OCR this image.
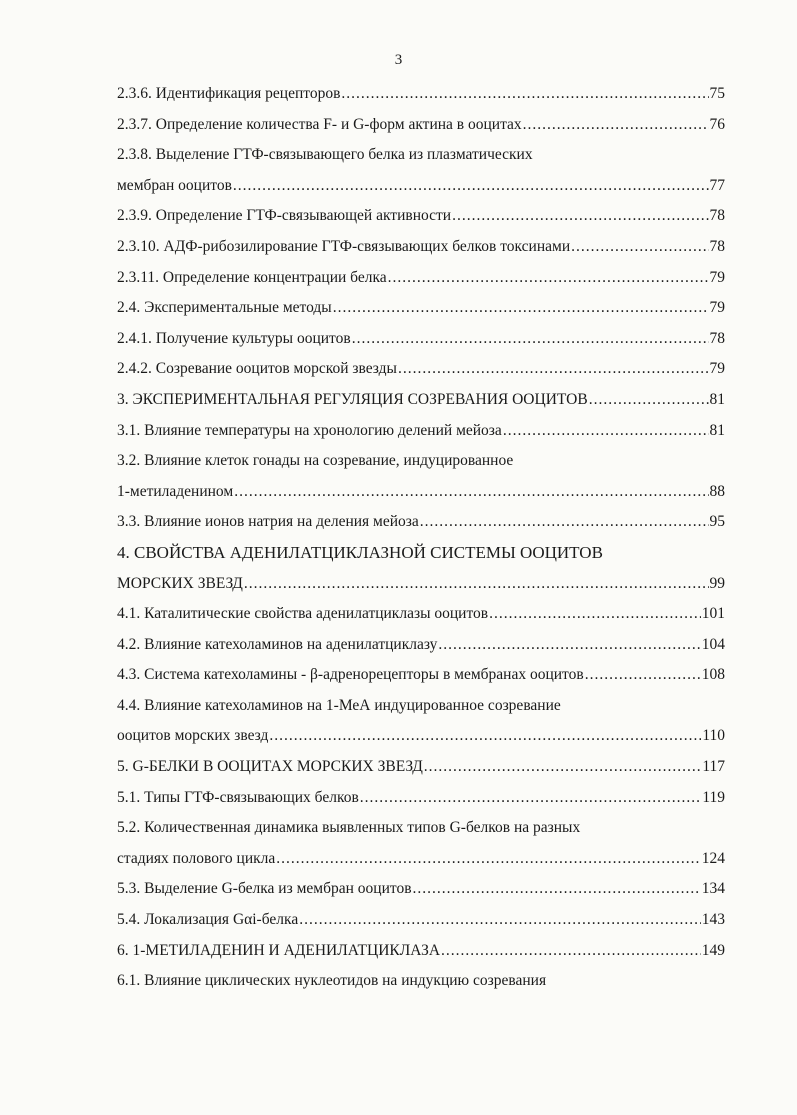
3
2.3.6. Идентификация рецепторов .....	75
2.3.7. Определение количества F- и G-форм актина в ооцитах .....	76
2.3.8. Выделение ГТФ-связывающего белка из плазматических
мембран ооцитов .....	77
2.3.9. Определение ГТФ-связывающей активности .....	78
2.3.10. АДФ-рибозилирование ГТФ-связывающих белков токсинами .....	78
2.3.11. Определение концентрации белка .....	79
2.4. Экспериментальные методы .....	79
2.4.1. Получение культуры ооцитов .....	78
2.4.2. Созревание ооцитов морской звезды .....	79
3. ЭКСПЕРИМЕНТАЛЬНАЯ РЕГУЛЯЦИЯ СОЗРЕВАНИЯ ООЦИТОВ .....	81
3.1. Влияние температуры на хронологию делений мейоза .....	81
3.2. Влияние клеток гонады на созревание, индуцированное
1-метиладенином .....	88
3.3. Влияние ионов натрия на деления мейоза .....	95
4. СВОЙСТВА АДЕНИЛАТЦИКЛАЗНОЙ СИСТЕМЫ ООЦИТОВ
МОРСКИХ ЗВЕЗД .....	99
4.1. Каталитические свойства аденилатциклазы ооцитов .....	101
4.2. Влияние катехоламинов на аденилатциклазу .....	104
4.3. Система катехоламины - β-адренорецепторы в мембранах ооцитов .....	108
4.4. Влияние катехоламинов на 1-МеА индуцированное созревание
ооцитов морских звезд .....	110
5. G-БЕЛКИ В ООЦИТАХ МОРСКИХ ЗВЕЗД .....	117
5.1. Типы ГТФ-связывающих белков .....	119
5.2. Количественная динамика выявленных типов G-белков на разных
стадиях полового цикла .....	124
5.3. Выделение G-белка из мембран ооцитов .....	134
5.4. Локализация Gαi-белка .....	143
6. 1-МЕТИЛАДЕНИН И АДЕНИЛАТЦИКЛАЗА .....	149
6.1. Влияние циклических нуклеотидов на индукцию созревания
